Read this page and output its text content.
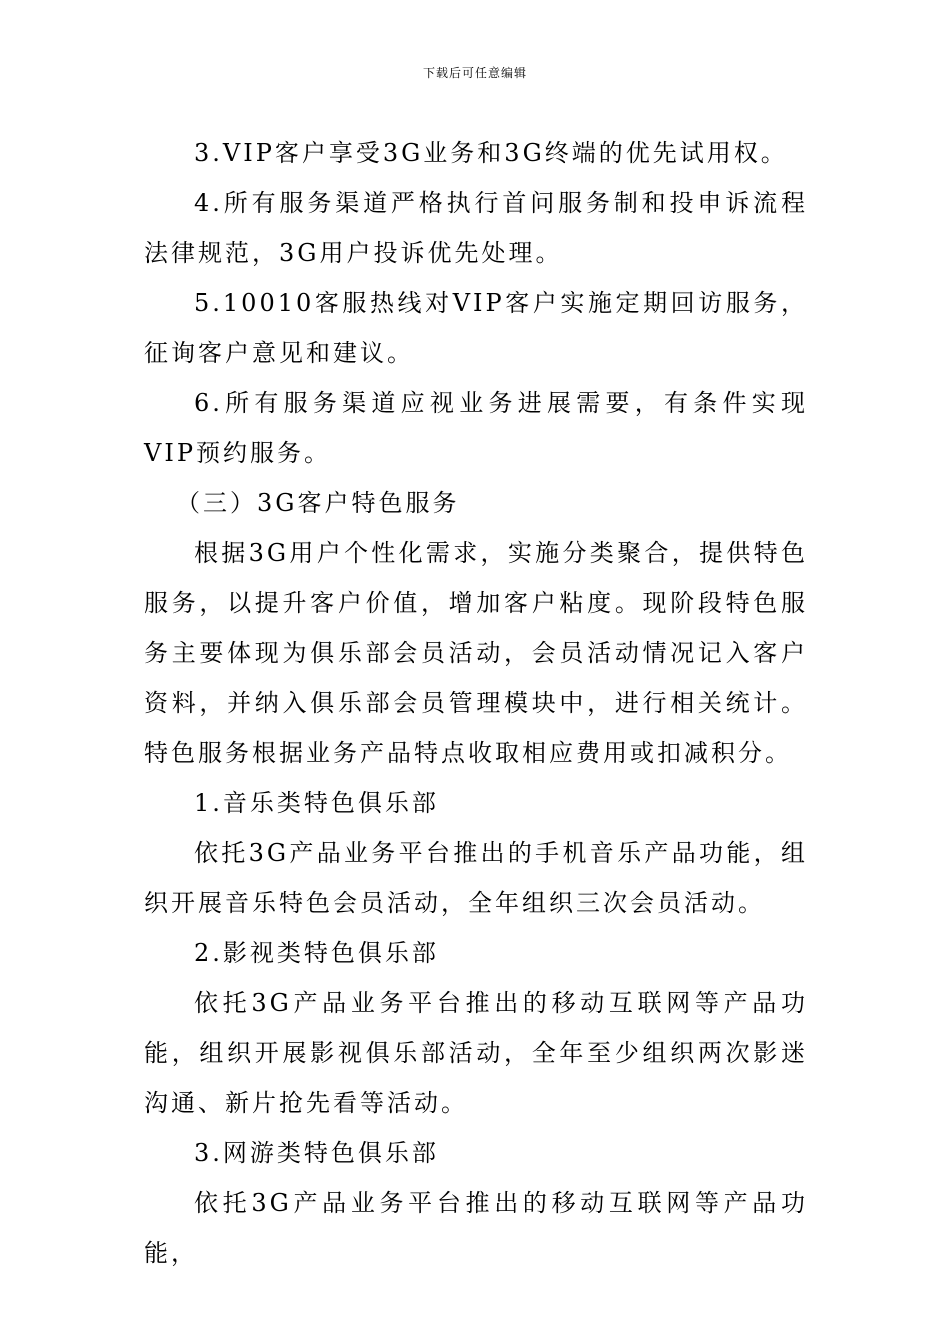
下载后可任意编辑

3.VIP客户享受3G业务和3G终端的优先试用权。

4.所有服务渠道严格执行首问服务制和投申诉流程法律规范，3G用户投诉优先处理。

5.10010客服热线对VIP客户实施定期回访服务，征询客户意见和建议。

6.所有服务渠道应视业务进展需要，有条件实现VIP预约服务。

（三）3G客户特色服务

根据3G用户个性化需求，实施分类聚合，提供特色服务，以提升客户价值，增加客户粘度。现阶段特色服务主要体现为俱乐部会员活动，会员活动情况记入客户资料，并纳入俱乐部会员管理模块中，进行相关统计。特色服务根据业务产品特点收取相应费用或扣减积分。

1.音乐类特色俱乐部

依托3G产品业务平台推出的手机音乐产品功能，组织开展音乐特色会员活动，全年组织三次会员活动。

2.影视类特色俱乐部

依托3G产品业务平台推出的移动互联网等产品功能，组织开展影视俱乐部活动，全年至少组织两次影迷沟通、新片抢先看等活动。

3.网游类特色俱乐部

依托3G产品业务平台推出的移动互联网等产品功能，
